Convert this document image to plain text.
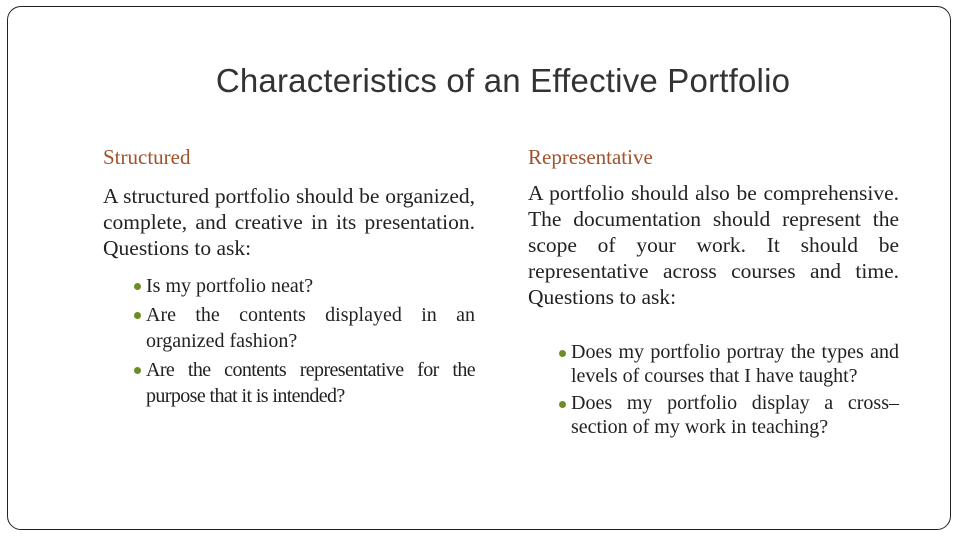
Characteristics of an Effective Portfolio
Structured
A structured portfolio should be organized, complete, and creative in its presentation. Questions to ask:
Is my portfolio neat?
Are the contents displayed in an organized fashion?
Are the contents representative for the purpose that it is intended?
Representative
A portfolio should also be comprehensive. The documentation should represent the scope of your work. It should be representative across courses and time. Questions to ask:
Does my portfolio portray the types and levels of courses that I have taught?
Does my portfolio display a cross– section of my work in teaching?
